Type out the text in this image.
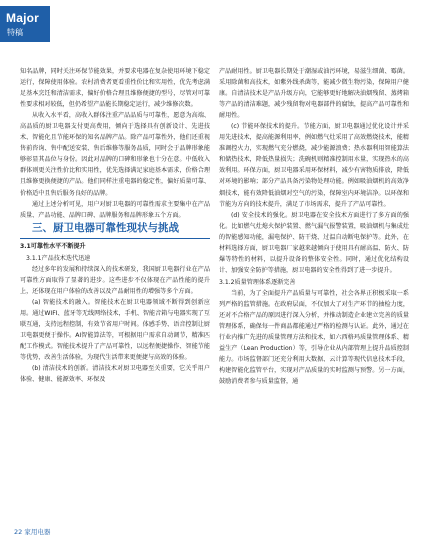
Major
特稿

知名品牌，同时关注环保节能效果，并要求电器在复杂使用环境下稳定运行，保障使用体验。农村消费者更看重性价比和实用性，优先考虑满足基本烹饪和清洁需求，偏好价格合理且维修便捷的型号，尽管对可靠性要求相对较低，但仍希望产品能长期稳定运行，减少维修次数。

从收入水平看，高收入群体注重产品品质与可靠性，愿意为高端、高品质的厨卫电器支付更高费用，倾向于选择具有创新设计、先进技术、智能化且节能环保的知名品牌产品。除产品可靠性外，他们还重视售前咨询、售中配送安装、售后维修等服务品质，同时会于品牌形象能够彰显其品位与身份。因此对品牌的口碑和形象也十分在意。中低收入群体则更关注性价比和实用性，优先选择满足家庭基本需求，价格合理且维修更换便捷的产品。他们同样注重电器的稳定性，偏好质量可靠、价格适中且售后服务良好的品牌。

通过上述分析可见，用户对厨卫电器的可靠性需求主要集中在产品质量、产品功能、品牌口碑、品牌服务和品牌形象五个方面。

三、厨卫电器可靠性现状与挑战

3.1可靠性水平不断提升

3.1.1产品技术迭代迅速

经过多年的发展和持续深入的技术研发，我国厨卫电器行业在产品可靠性方面取得了显著的进步。这些进步不仅体现在产品性能的提升上，还体现在用户体验的改善以及产品耐用性的增强等多个方面。

(a) 智能技术的融入。智能技术在厨卫电器领域不断得到创新应用。通过WIFI、蓝牙等无线网络技术，手机、智能音箱与电器实现了互联互通，支持远程控制，有效节省用户时间。体感手势、语音控制让厨卫电器更便于操作。AI智能算法等，可根据用户需求自动调节，精准匹配工作模式。智能技术提升了产品可靠性，以远程便捷操作、智能节能等优势，改善生活体验，为现代生活带来更便捷与高效的体验。

(b) 清洁技术的创新。清洁技术对厨卫电器至关重要，它关乎用户体验、健康、能源效率、环保及

产品耐用性。厨卫电器长期处于潮湿或油污环境，易滋生细菌、霉菌。采用除菌和高技术，如紫外线杀菌等，能减少微生物污染，保障用户健康。自清洁技术是产品升级方向，它能够更好地解决油烟残留、蒸烤箱等产品的清洁难题，减少残留物对电器部件的腐蚀，提高产品可靠性和耐用性。

(c) 节能环保技术的提升。节能方面，厨卫电器通过优化设计并采用先进技术，提高能源利用率，例如燃气灶采用了高效燃烧技术，能精准调控火力，实现燃气充分燃烧，减少能源浪费；热水器利用智能算法和储热技术，降低热量损失；洗碗机则精准控制用水量，实现热水的高效利用。环保方面，厨卫电器采用环保材料，减少有害物质排放，降低对环境的影响；部分产品具备污染物处理功能。例如吸油烟机的高效净烟技术，能有效降低油烟对空气的污染，保障室内环境洁净。以环保和节能为方向的技术提升，满足了市场需求，提升了产品可靠性。

(d) 安全技术的强化。厨卫电器在安全技术方面进行了多方面的强化。比如燃气灶熄火保护装置、燃气漏气报警装置，吸油烟机与集成灶的智能感知功能，漏电保护、防干烧、过温自动断电保护等。此外，在材料选择方面，厨卫电器厂家越来越倾向于使用具有耐高温、防火、防爆等特性的材料，以提升设备的整体安全性。同时，通过优化结构设计、加强安全防护等措施，厨卫电器的安全性得到了进一步提升。

3.1.2质量管理体系逐渐完善

当前，为了全面提升产品质量与可靠性，社会各界正积极采取一系列严格的监管措施。在政府层面，不仅加大了对生产环节的抽检力度，还对不合格产品的原因进行深入分析，并推动制造企业建立完善的质量管理体系，确保每一件商品都能通过严格的检测与认证。此外，通过在行业内推广先进的质量管理方法和技术，如六西格玛质量管理体系、精益生产（Lean Production）等，引导企业从内部管理上提升品质控制能力。市场监督部门还充分利用大数据、云计算等现代信息技术手段，构建智能化监管平台，实现对产品质量的实时监测与预警。另一方面，鼓励消费者参与质量监督，通

22 家用电器
